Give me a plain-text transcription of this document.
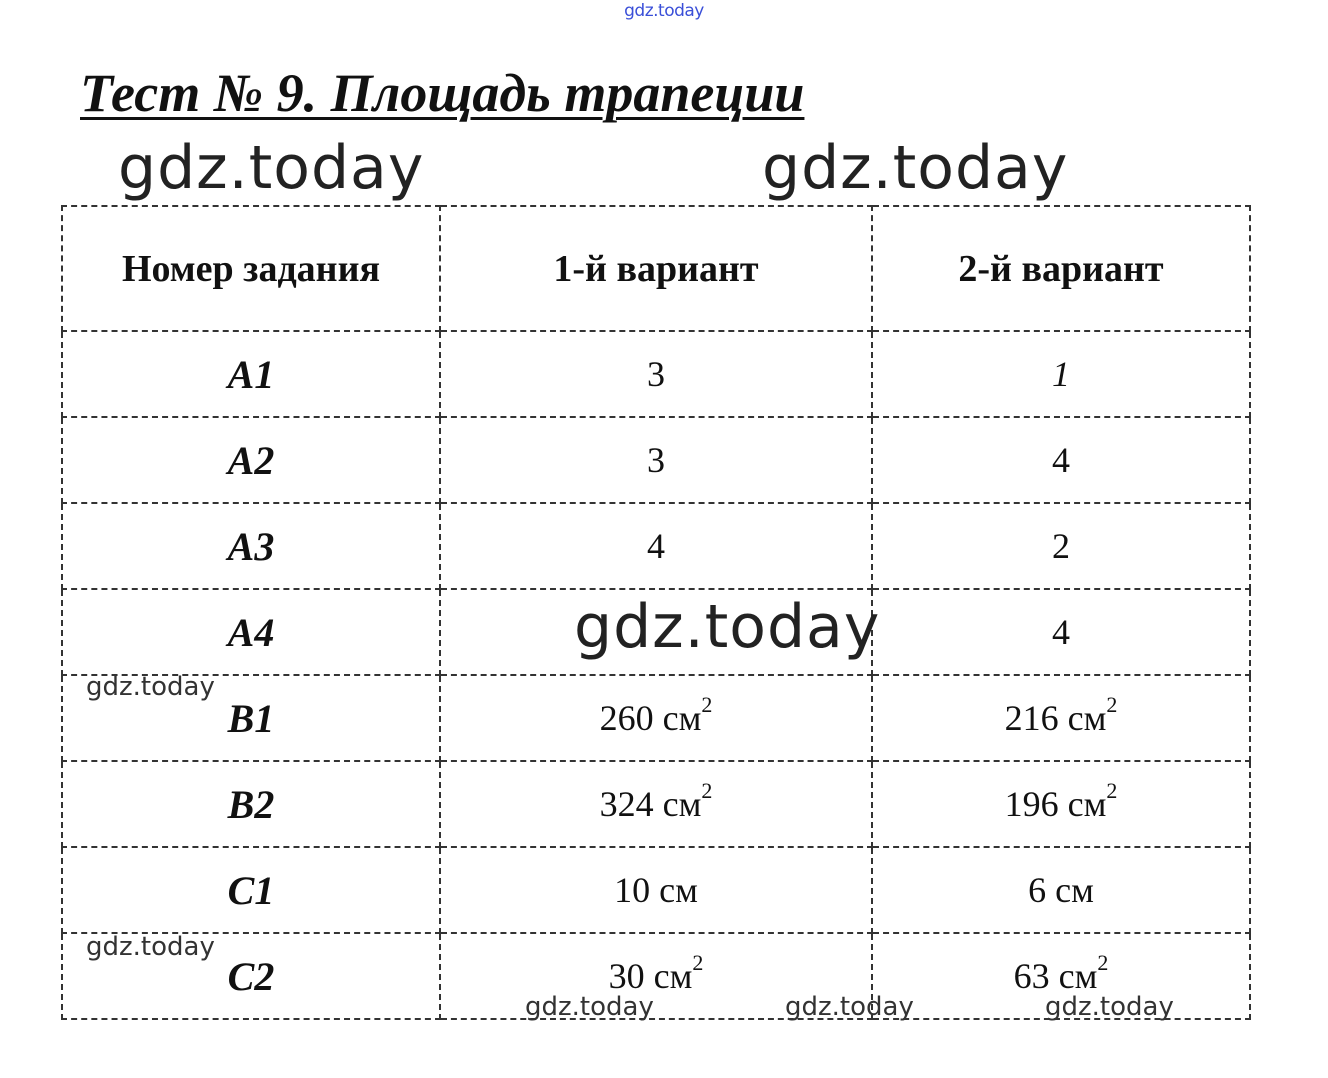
gdz.today
Тест № 9. Площадь трапеции
Номер задания	1-й вариант	2-й вариант
A1	3	1
A2	3	4
A3	4	2
A4		4
B1	260 $см^2$	216 $см^2$
B2	324 $см^2$	196 $см^2$
C1	10 см	6 см
C2	30 $см^2$	63 $см^2$
gdz.today	gdz.today
gdz.today
gdz.today
gdz.today
gdz.today	gdz.today	gdz.today
